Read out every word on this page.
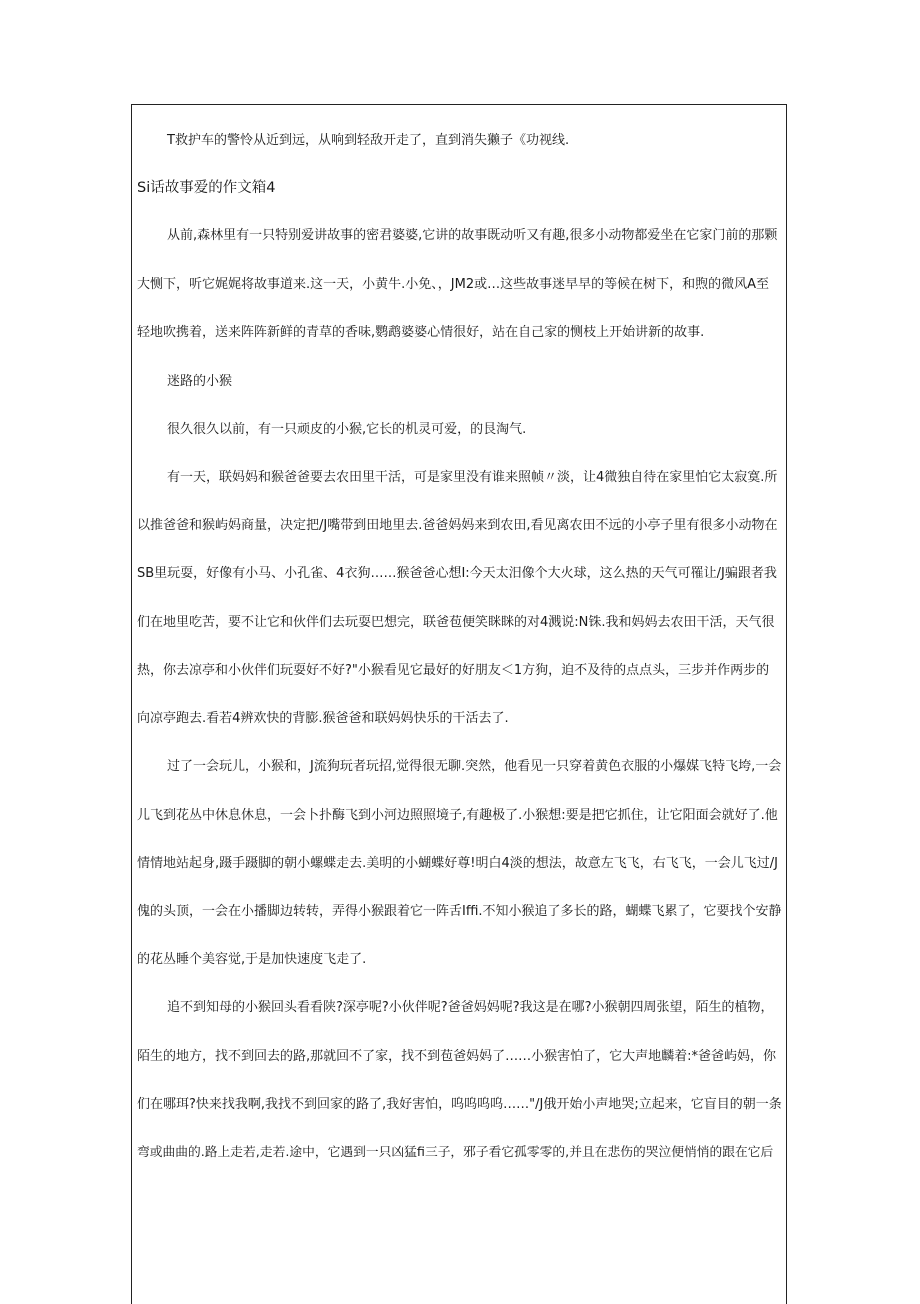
T救护车的警怜从近到远，从响到轻敌开走了，直到消失獭子《功视线.
Si话故事爱的作文箱4
从前,森林里有一只特别爱讲故事的密君婆婆,它讲的故事既动听又有趣,很多小动物都爱坐在它家门前的那颗
大恻下，听它娓娓将故事道来.这一天，小黄牛.小免、，JM2或…这些故事迷早早的等候在树下，和煦的微风A至
轻地吹携着，送来阵阵新鲜的青草的香味,鹦鹉婆婆心情很好，站在自己家的恻枝上开始讲新的故事.
迷路的小猴
很久很久以前，有一只顽皮的小猴,它长的机灵可爱，的艮淘气.
有一天，联妈妈和猴爸爸要去农田里干活，可是家里没有谁来照帧〃淡，让4微独自待在家里怕它太寂寞.所
以推爸爸和猴屿妈商量，决定把/J嘴带到田地里去.爸爸妈妈来到农田,看见离农田不远的小亭子里有很多小动物在
SB里玩耍，好像有小马、小孔雀、4衣狗……猴爸爸心想I:今天太汨像个大火球，这么热的天气可罹让/J骗跟者我
们在地里吃苦，要不让它和伙伴们去玩耍巴想完，联爸苞便笑眯眯的对4溅说:N铢.我和妈妈去农田干活，天气很
热，你去凉亭和小伙伴们玩耍好不好?"小猴看见它最好的好朋友＜1方狗，迫不及待的点点头，三步并作两步的
向凉亭跑去.看若4辨欢快的背膨.猴爸爸和联妈妈快乐的干活去了.
过了一会玩儿，小猴和，J流狗玩者玩招,觉得很无聊.突然，他看见一只穿着黄色衣服的小爆媒飞特飞垮,一会
儿飞到花丛中休息休息，一会卜扑酶飞到小河边照照境子,有趣极了.小猴想:要是把它抓住，让它阳面会就好了.他
情情地站起身,蹑手蹑脚的朝小螺蝶走去.美明的小蝴蝶好尊!明白4淡的想法，故意左飞飞，右飞飞，一会儿飞过/J
傀的头顶，一会在小播脚边转转，弄得小猴跟着它一阵舌Iffi.不知小猴追了多长的路，蝴蝶飞累了，它要找个安静
的花丛睡个美容觉,于是加快速度飞走了.
追不到知母的小猴回头看看陕?深亭呢?小伙伴呢?爸爸妈妈呢?我这是在哪?小猴朝四周张望，陌生的植物，
陌生的地方，找不到回去的路,那就回不了家，找不到苞爸妈妈了……小猴害怕了，它大声地麟着:*爸爸屿妈，你
们在哪珥?快来找我啊,我找不到回家的路了,我好害怕，呜呜呜呜……"/J俄开始小声地哭;立起来，它盲目的朝一条
弯或曲曲的.路上走若,走若.途中，它遇到一只凶猛fi三子，邪子看它孤零零的,并且在悲伤的哭泣便悄悄的跟在它后
